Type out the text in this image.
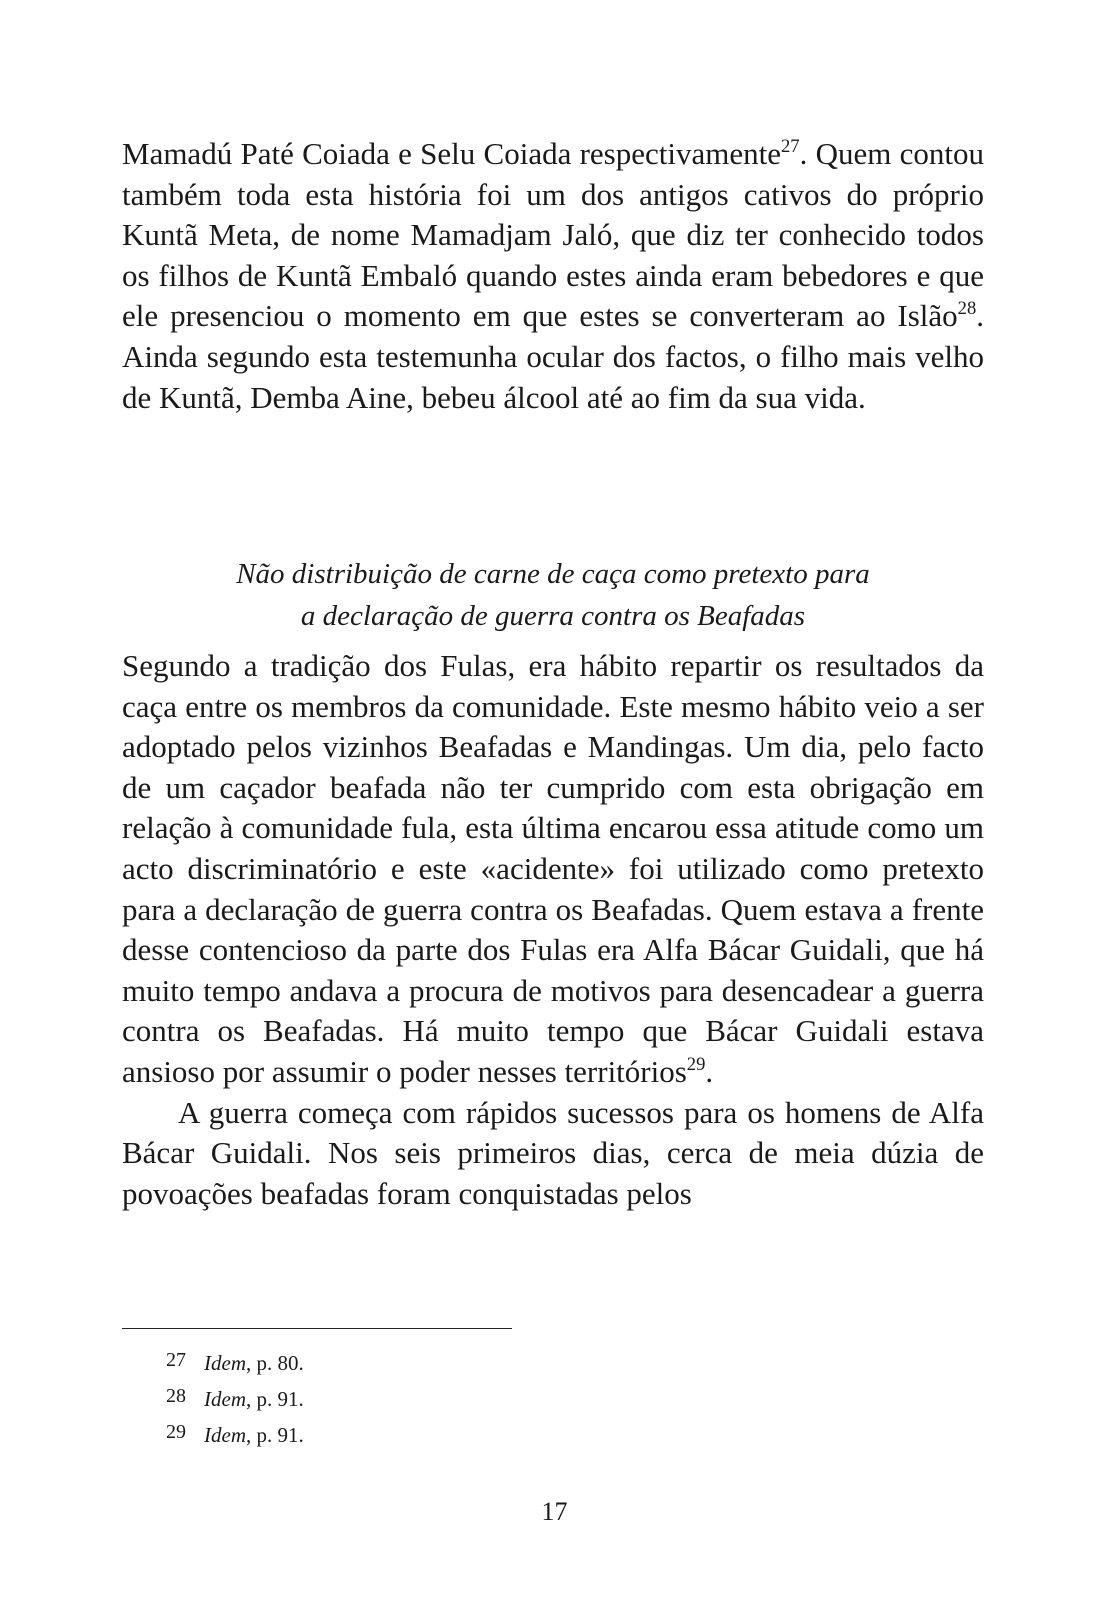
Mamadú Paté Coiada e Selu Coiada respectivamente$^{27}$. Quem contou também toda esta história foi um dos antigos cativos do próprio Kuntã Meta, de nome Mamadjam Jaló, que diz ter conhecido todos os filhos de Kuntã Embaló quando estes ainda eram bebedores e que ele presenciou o momento em que estes se converteram ao Islão$^{28}$. Ainda segundo esta testemunha ocular dos factos, o filho mais velho de Kuntã, Demba Aine, bebeu álcool até ao fim da sua vida.

Não distribuição de carne de caça como pretexto para
a declaração de guerra contra os Beafadas

Segundo a tradição dos Fulas, era hábito repartir os resultados da caça entre os membros da comunidade. Este mesmo hábito veio a ser adoptado pelos vizinhos Beafadas e Mandingas. Um dia, pelo facto de um caçador beafada não ter cumprido com esta obrigação em relação à comunidade fula, esta última encarou essa atitude como um acto discriminatório e este «acidente» foi utilizado como pretexto para a declaração de guerra contra os Beafadas. Quem estava a frente desse contencioso da parte dos Fulas era Alfa Bácar Guidali, que há muito tempo andava a procura de motivos para desencadear a guerra contra os Beafadas. Há muito tempo que Bácar Guidali estava ansioso por assumir o poder nesses territórios$^{29}$.

A guerra começa com rápidos sucessos para os homens de Alfa Bácar Guidali. Nos seis primeiros dias, cerca de meia dúzia de povoações beafadas foram conquistadas pelos

27 Idem, p. 80.
28 Idem, p. 91.
29 Idem, p. 91.
17
